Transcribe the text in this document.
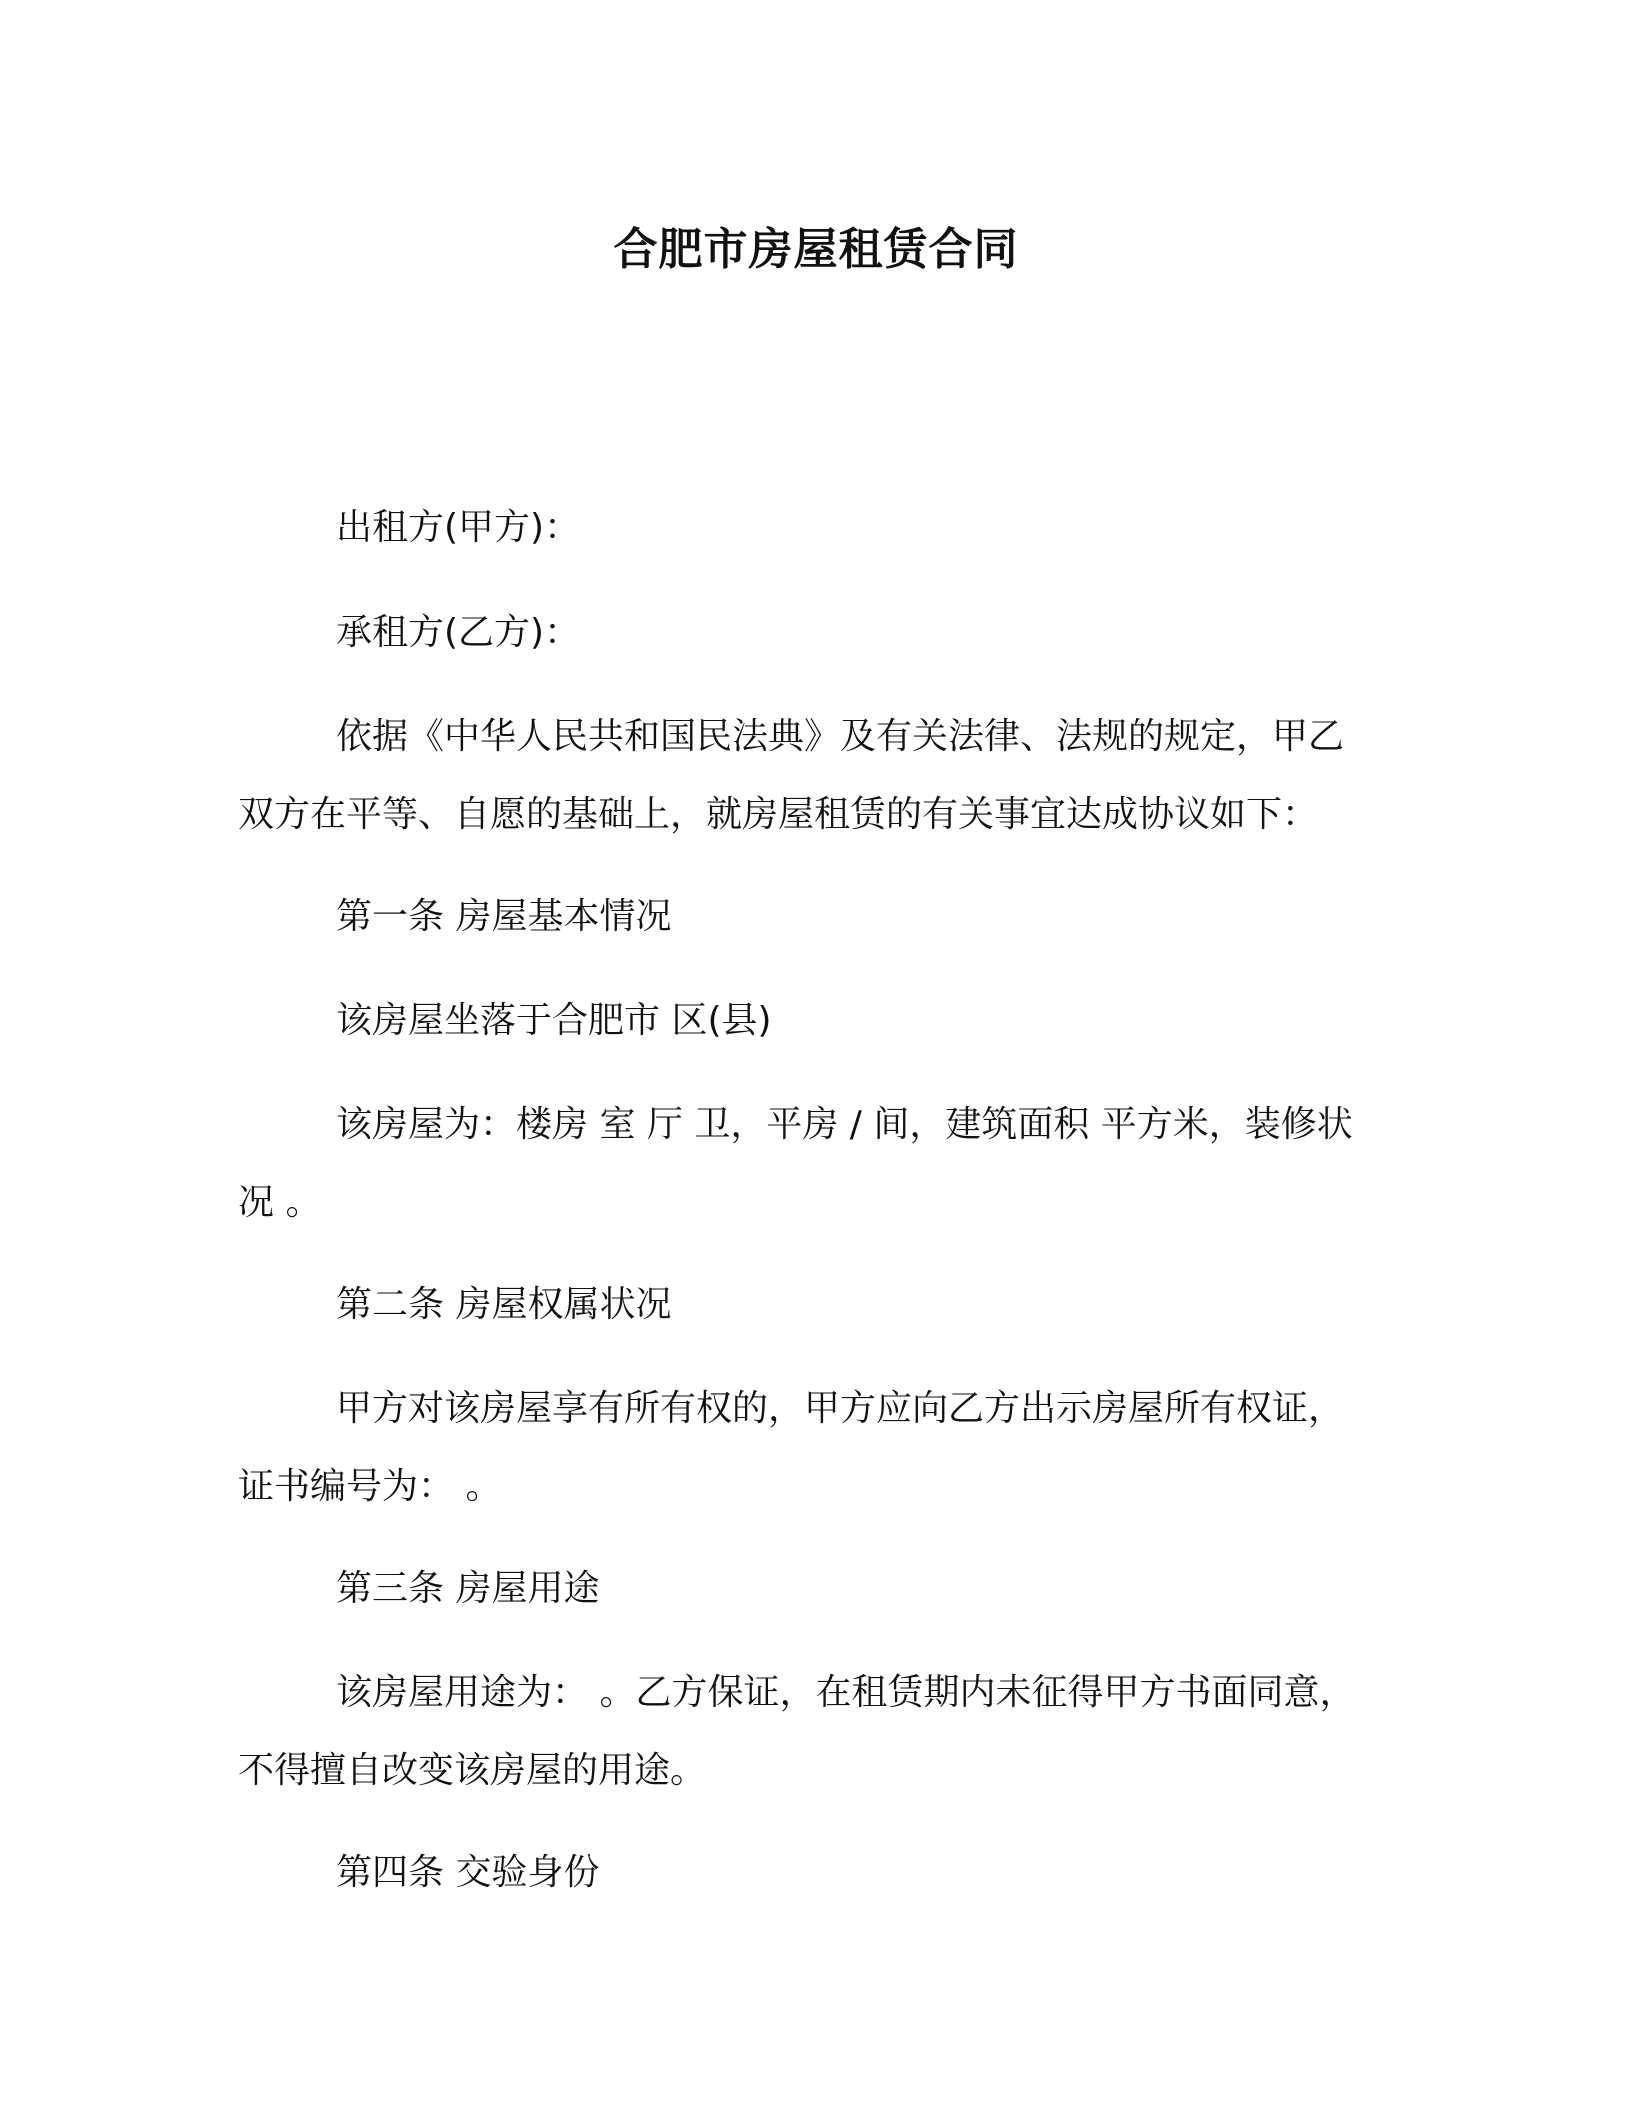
合肥市房屋租赁合同
出租方(甲方)：
承租方(乙方)：
依据《中华人民共和国民法典》及有关法律、法规的规定，甲乙
双方在平等、自愿的基础上，就房屋租赁的有关事宜达成协议如下：
第一条 房屋基本情况
该房屋坐落于合肥市 区(县)
该房屋为：楼房 室 厅 卫，平房 / 间，建筑面积 平方米，装修状
况 。
第二条 房屋权属状况
甲方对该房屋享有所有权的，甲方应向乙方出示房屋所有权证，
证书编号为： 。
第三条 房屋用途
该房屋用途为： 。乙方保证，在租赁期内未征得甲方书面同意，
不得擅自改变该房屋的用途。
第四条 交验身份
